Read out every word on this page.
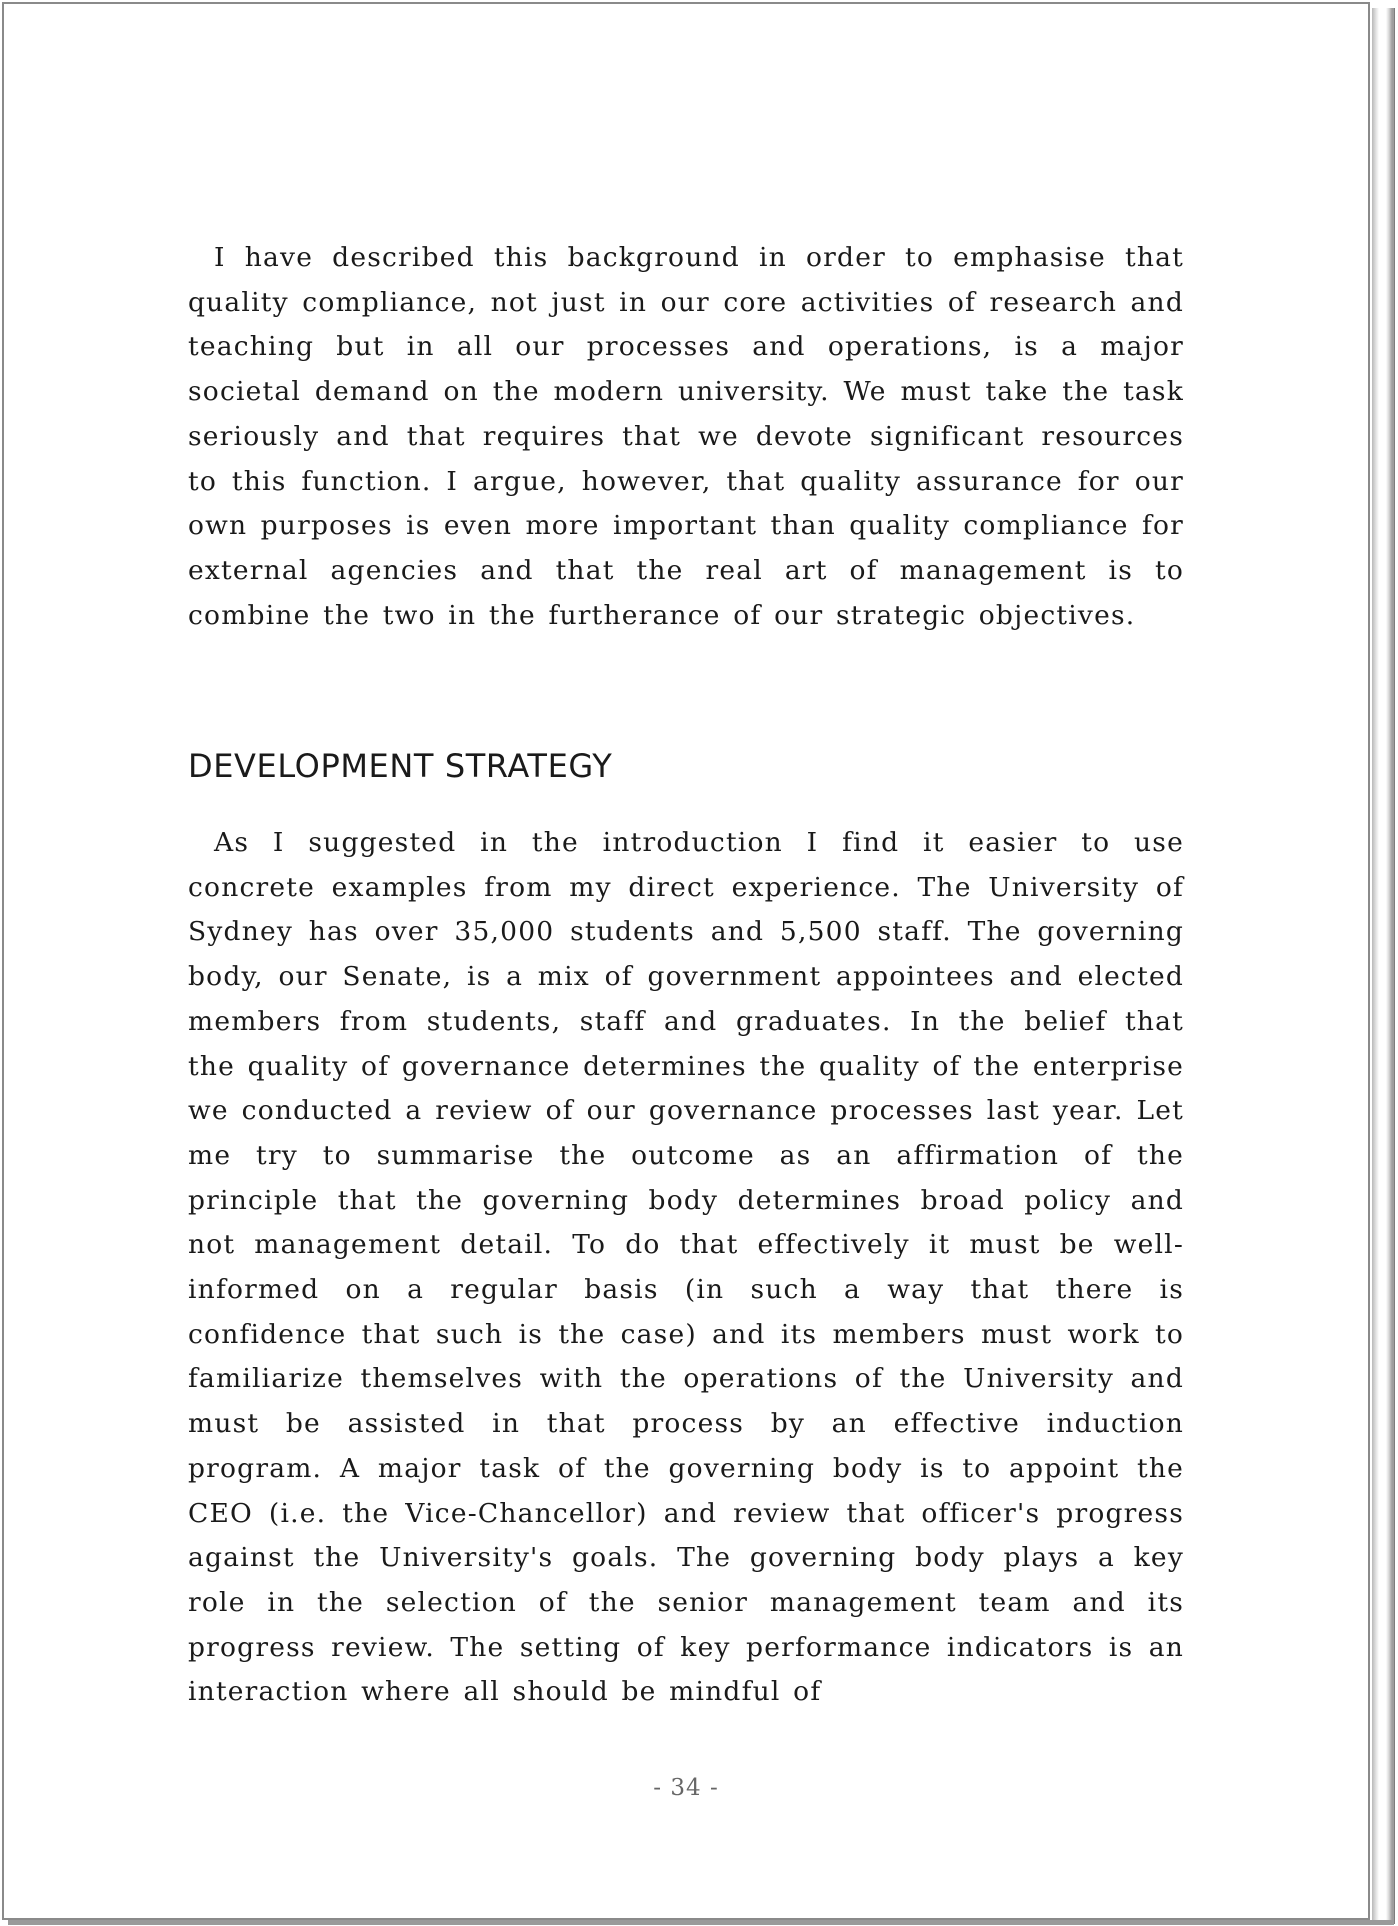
I have described this background in order to emphasise that quality compliance, not just in our core activities of research and teaching but in all our processes and operations, is a major societal demand on the modern university. We must take the task seriously and that requires that we devote significant resources to this function. I argue, however, that quality assurance for our own purposes is even more important than quality compliance for external agencies and that the real art of management is to combine the two in the furtherance of our strategic objectives.

DEVELOPMENT STRATEGY

As I suggested in the introduction I find it easier to use concrete examples from my direct experience. The University of Sydney has over 35,000 students and 5,500 staff. The governing body, our Senate, is a mix of government appointees and elected members from students, staff and graduates. In the belief that the quality of governance determines the quality of the enterprise we conducted a review of our governance processes last year. Let me try to summarise the outcome as an affirmation of the principle that the governing body determines broad policy and not management detail. To do that effectively it must be well-informed on a regular basis (in such a way that there is confidence that such is the case) and its members must work to familiarize themselves with the operations of the University and must be assisted in that process by an effective induction program. A major task of the governing body is to appoint the CEO (i.e. the Vice-Chancellor) and review that officer's progress against the University's goals. The governing body plays a key role in the selection of the senior management team and its progress review. The setting of key performance indicators is an interaction where all should be mindful of

- 34 -
